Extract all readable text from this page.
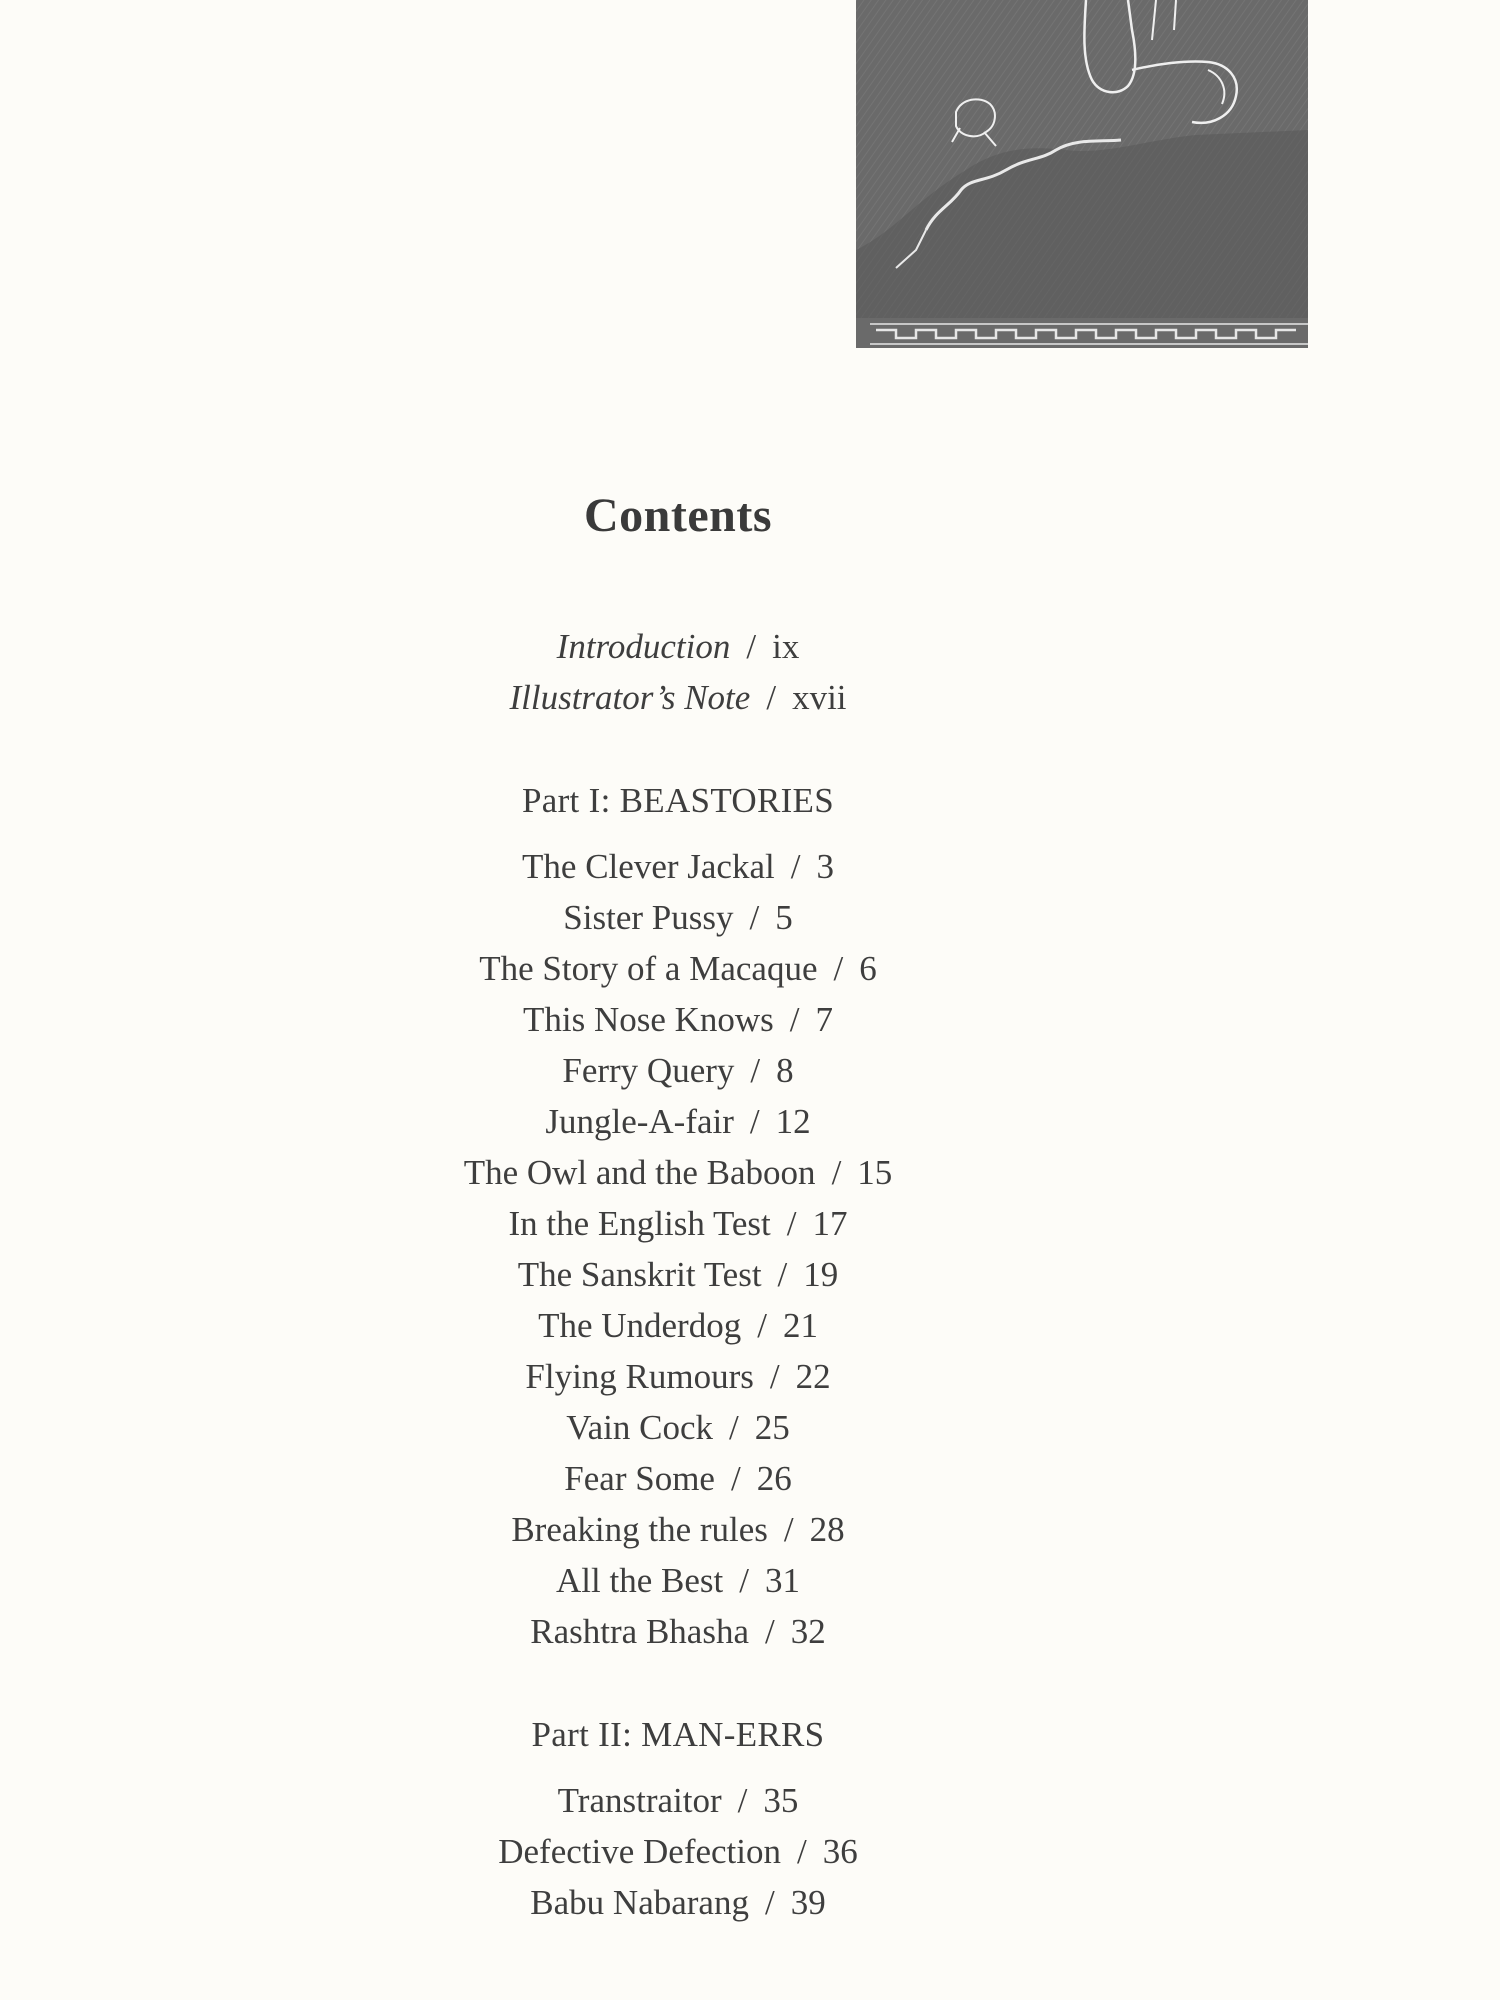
Contents
Introduction / ix
Illustrator’s Note / xvii
Part I: BEASTORIES
The Clever Jackal / 3
Sister Pussy / 5
The Story of a Macaque / 6
This Nose Knows / 7
Ferry Query / 8
Jungle-A-fair / 12
The Owl and the Baboon / 15
In the English Test / 17
The Sanskrit Test / 19
The Underdog / 21
Flying Rumours / 22
Vain Cock / 25
Fear Some / 26
Breaking the rules / 28
All the Best / 31
Rashtra Bhasha / 32
Part II: MAN-ERRS
Transtraitor / 35
Defective Defection / 36
Babu Nabarang / 39
